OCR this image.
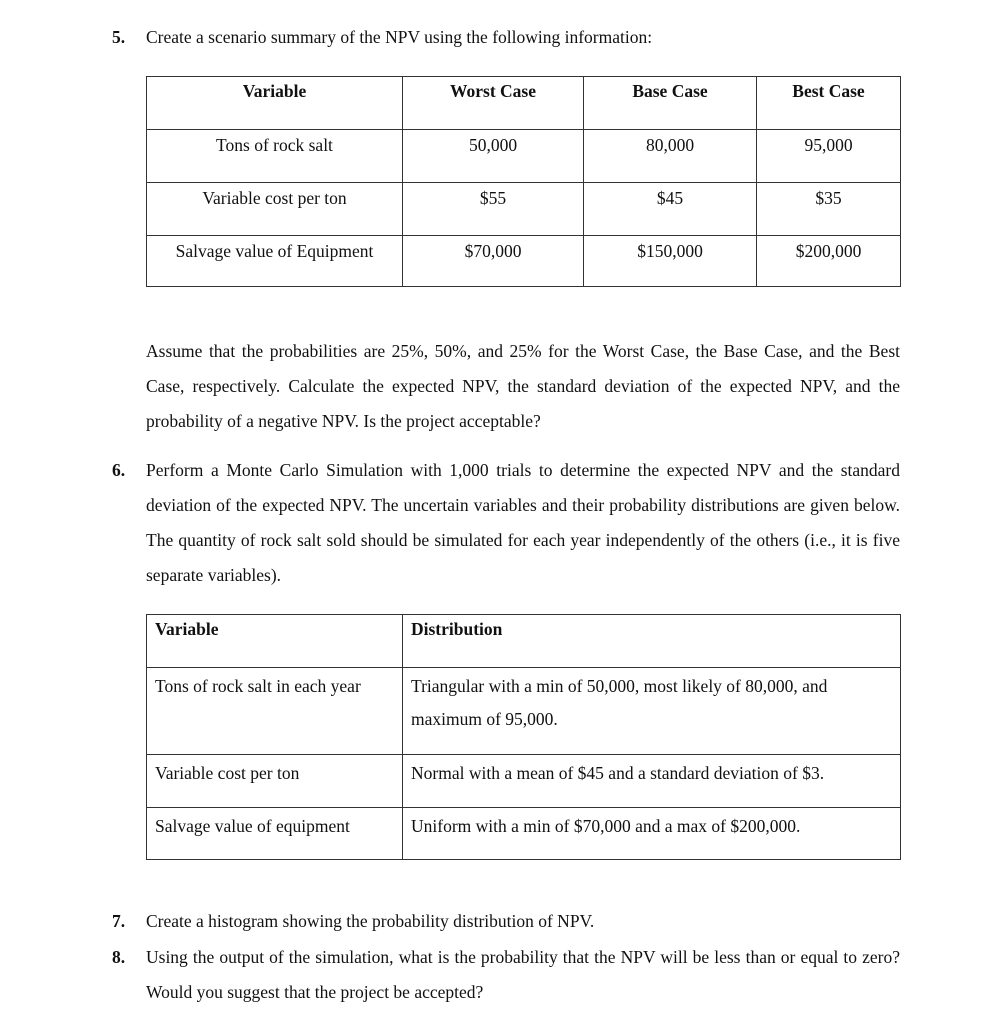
5. Create a scenario summary of the NPV using the following information:

Variable	Worst Case	Base Case	Best Case
Tons of rock salt	50,000	80,000	95,000
Variable cost per ton	$55	$45	$35
Salvage value of Equipment	$70,000	$150,000	$200,000

Assume that the probabilities are 25%, 50%, and 25% for the Worst Case, the Base Case, and the Best Case, respectively. Calculate the expected NPV, the standard deviation of the expected NPV, and the probability of a negative NPV. Is the project acceptable?

6. Perform a Monte Carlo Simulation with 1,000 trials to determine the expected NPV and the standard deviation of the expected NPV. The uncertain variables and their probability distributions are given below. The quantity of rock salt sold should be simulated for each year independently of the others (i.e., it is five separate variables).

Variable	Distribution
Tons of rock salt in each year	Triangular with a min of 50,000, most likely of 80,000, and maximum of 95,000.
Variable cost per ton	Normal with a mean of $45 and a standard deviation of $3.
Salvage value of equipment	Uniform with a min of $70,000 and a max of $200,000.
7. Create a histogram showing the probability distribution of NPV.

8. Using the output of the simulation, what is the probability that the NPV will be less than or equal to zero? Would you suggest that the project be accepted?
